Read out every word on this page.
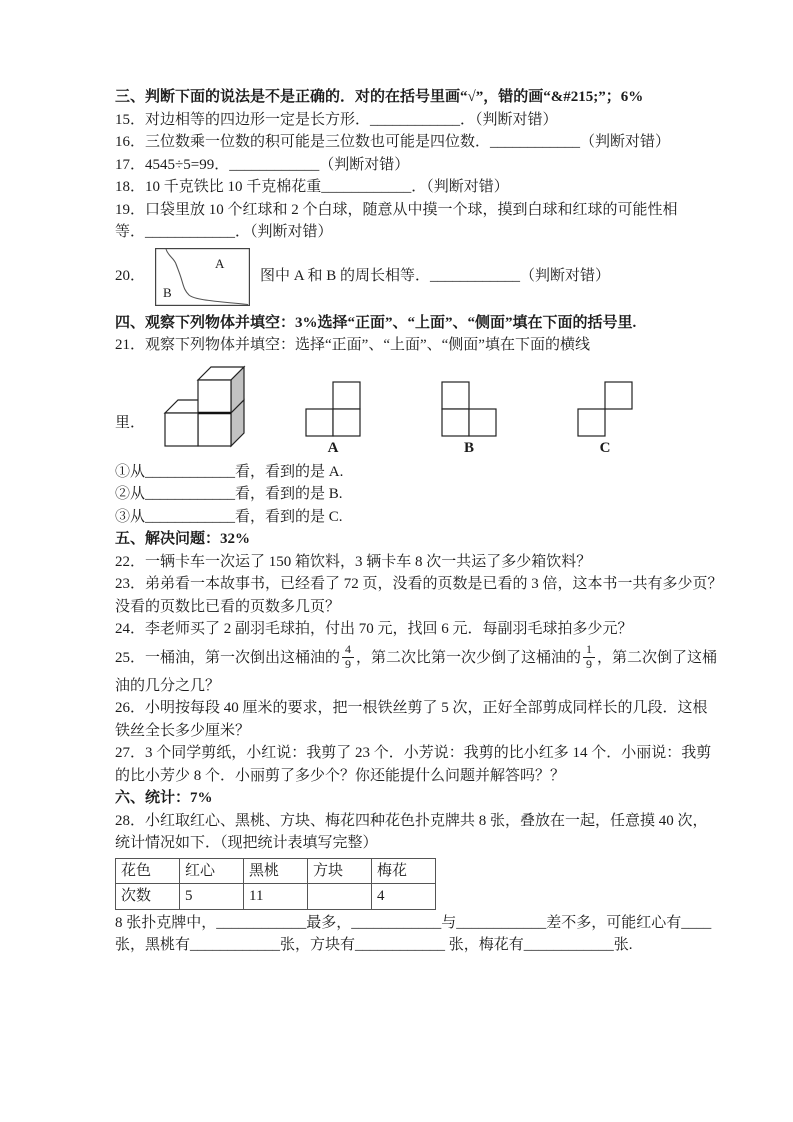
三、判断下面的说法是不是正确的．对的在括号里画“√”，错的画“&#215;”；6%

15．对边相等的四边形一定是长方形．____________．（判断对错）

16．三位数乘一位数的积可能是三位数也可能是四位数．____________（判断对错）

17．4545÷5=99．____________（判断对错）

18．10 千克铁比 10 千克棉花重____________．（判断对错）

19．口袋里放 10 个红球和 2 个白球，随意从中摸一个球，摸到白球和红球的可能性相

等．____________．（判断对错）

20．
A
B
图中 A 和 B 的周长相等．____________（判断对错）

四、观察下列物体并填空：3%选择“正面”、“上面”、“侧面”填在下面的括号里.

21．观察下列物体并填空：选择“正面”、“上面”、“侧面”填在下面的横线

里．
A	B	C

①从____________看，看到的是 A.

②从____________看，看到的是 B.

③从____________看，看到的是 C.

五、解决问题：32%

22．一辆卡车一次运了 150 箱饮料，3 辆卡车 8 次一共运了多少箱饮料？

23．弟弟看一本故事书，已经看了 72 页，没看的页数是已看的 3 倍，这本书一共有多少页？

没看的页数比已看的页数多几页？

24．李老师买了 2 副羽毛球拍，付出 70 元，找回 6 元．每副羽毛球拍多少元？

25．一桶油，第一次倒出这桶油的 $\frac{4}{9}$ ，第二次比第一次少倒了这桶油的 $\frac{1}{9}$ ，第二次倒了这桶

油的几分之几？

26．小明按每段 40 厘米的要求，把一根铁丝剪了 5 次，正好全部剪成同样长的几段．这根

铁丝全长多少厘米？

27．3 个同学剪纸，小红说：我剪了 23 个．小芳说：我剪的比小红多 14 个．小丽说：我剪

的比小芳少 8 个．小丽剪了多少个？你还能提什么问题并解答吗？？

六、统计：7%

28．小红取红心、黑桃、方块、梅花四种花色扑克牌共 8 张，叠放在一起，任意摸 40 次，

统计情况如下．（现把统计表填写完整）

花色	红心	黑桃	方块	梅花
次数	5	11		4

8 张扑克牌中，____________最多，____________与____________差不多，可能红心有____

张，黑桃有____________张，方块有____________ 张，梅花有____________张.
